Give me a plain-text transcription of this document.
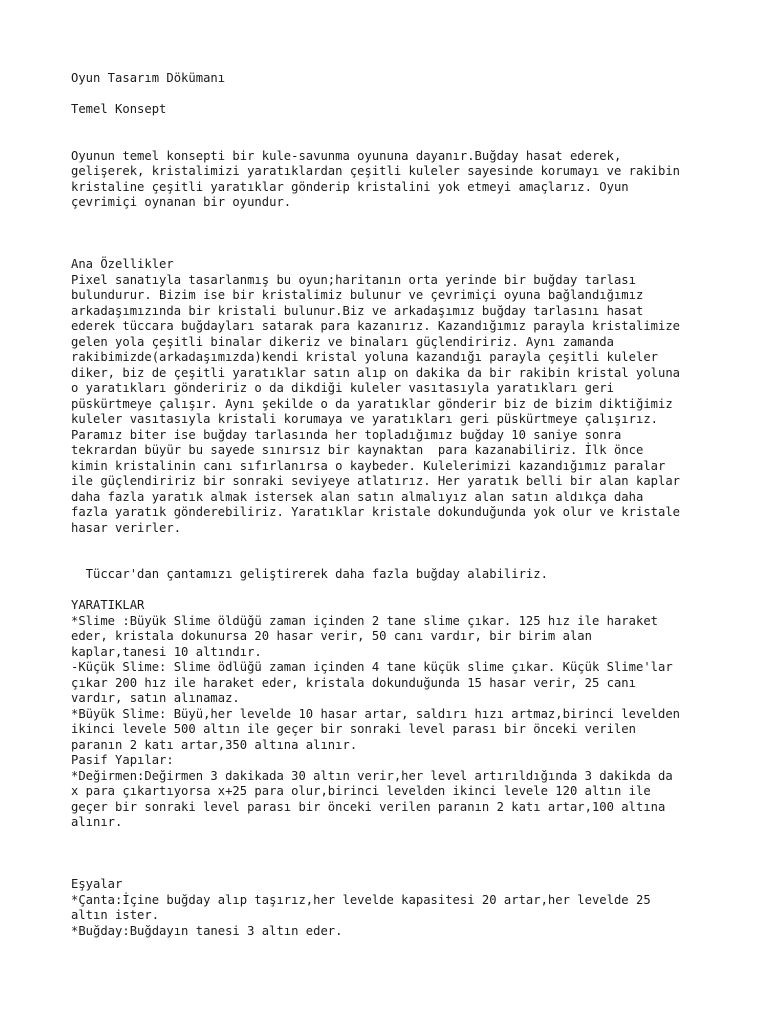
Oyun Tasarım Dökümanı
Temel Konsept
Oyunun temel konsepti bir kule-savunma oyununa dayanır.Buğday hasat ederek,
gelişerek, kristalimizi yaratıklardan çeşitli kuleler sayesinde korumayı ve rakibin
kristaline çeşitli yaratıklar gönderip kristalini yok etmeyi amaçlarız. Oyun
çevrimiçi oynanan bir oyundur.
Ana Özellikler
Pixel sanatıyla tasarlanmış bu oyun;haritanın orta yerinde bir buğday tarlası
bulundurur. Bizim ise bir kristalimiz bulunur ve çevrimiçi oyuna bağlandığımız
arkadaşımızında bir kristali bulunur.Biz ve arkadaşımız buğday tarlasını hasat
ederek tüccara buğdayları satarak para kazanırız. Kazandığımız parayla kristalimize
gelen yola çeşitli binalar dikeriz ve binaları güçlendiririz. Aynı zamanda
rakibimizde(arkadaşımızda)kendi kristal yoluna kazandığı parayla çeşitli kuleler
diker, biz de çeşitli yaratıklar satın alıp on dakika da bir rakibin kristal yoluna
o yaratıkları göndeririz o da dikdiği kuleler vasıtasıyla yaratıkları geri
püskürtmeye çalışır. Aynı şekilde o da yaratıklar gönderir biz de bizim diktiğimiz
kuleler vasıtasıyla kristali korumaya ve yaratıkları geri püskürtmeye çalışırız.
Paramız biter ise buğday tarlasında her topladığımız buğday 10 saniye sonra
tekrardan büyür bu sayede sınırsız bir kaynaktan  para kazanabiliriz. İlk önce
kimin kristalinin canı sıfırlanırsa o kaybeder. Kulelerimizi kazandığımız paralar
ile güçlendiririz bir sonraki seviyeye atlatırız. Her yaratık belli bir alan kaplar
daha fazla yaratık almak istersek alan satın almalıyız alan satın aldıkça daha
fazla yaratık gönderebiliriz. Yaratıklar kristale dokunduğunda yok olur ve kristale
hasar verirler.
Tüccar'dan çantamızı geliştirerek daha fazla buğday alabiliriz.
YARATIKLAR
*Slime :Büyük Slime öldüğü zaman içinden 2 tane slime çıkar. 125 hız ile haraket
eder, kristala dokunursa 20 hasar verir, 50 canı vardır, bir birim alan
kaplar,tanesi 10 altındır.
-Küçük Slime: Slime ödlüğü zaman içinden 4 tane küçük slime çıkar. Küçük Slime'lar
çıkar 200 hız ile haraket eder, kristala dokunduğunda 15 hasar verir, 25 canı
vardır, satın alınamaz.
*Büyük Slime: Büyü,her levelde 10 hasar artar, saldırı hızı artmaz,birinci levelden
ikinci levele 500 altın ile geçer bir sonraki level parası bir önceki verilen
paranın 2 katı artar,350 altına alınır.
Pasif Yapılar:
*Değirmen:Değirmen 3 dakikada 30 altın verir,her level artırıldığında 3 dakikda da
x para çıkartıyorsa x+25 para olur,birinci levelden ikinci levele 120 altın ile
geçer bir sonraki level parası bir önceki verilen paranın 2 katı artar,100 altına
alınır.
Eşyalar
*Çanta:İçine buğday alıp taşırız,her levelde kapasitesi 20 artar,her levelde 25
altın ister.
*Buğday:Buğdayın tanesi 3 altın eder.
